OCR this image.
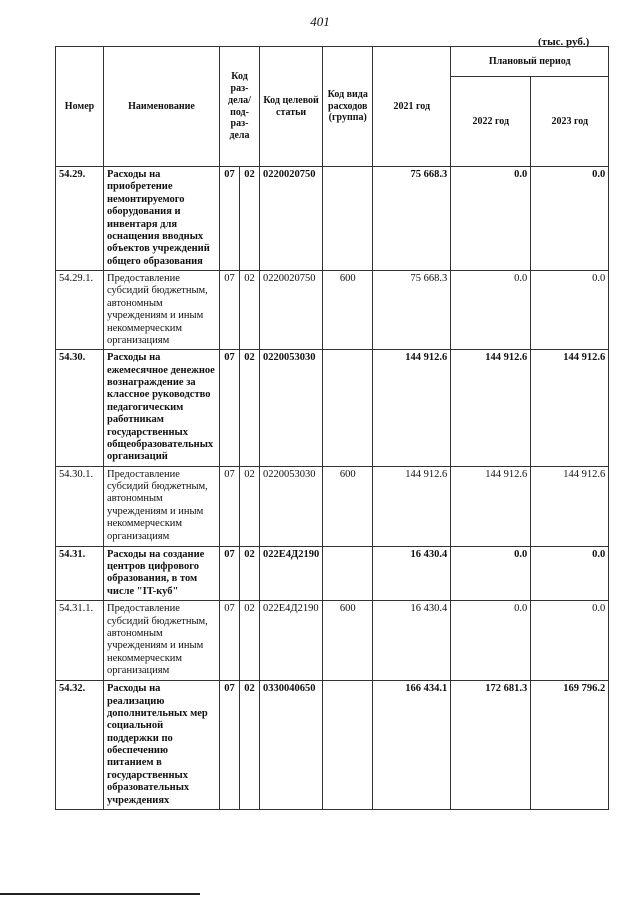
401
(тыс. руб.)
Номер	Наименование	Код раз-дела/ под-раз-дела		Код целевой статьи	Код вида расходов (группа)	2021 год	Плановый период	
							2022 год	2023 год
54.29.	Расходы на приобретение немонтируемого оборудования и инвентаря для оснащения вводных объектов учреждений общего образования	07	02	0220020750		75 668.3	0.0	0.0
54.29.1.	Предоставление субсидий бюджетным, автономным учреждениям и иным некоммерческим организациям	07	02	0220020750	600	75 668.3	0.0	0.0
54.30.	Расходы на ежемесячное денежное вознаграждение за классное руководство педагогическим работникам государственных общеобразовательных организаций	07	02	0220053030		144 912.6	144 912.6	144 912.6
54.30.1.	Предоставление субсидий бюджетным, автономным учреждениям и иным некоммерческим организациям	07	02	0220053030	600	144 912.6	144 912.6	144 912.6
54.31.	Расходы на создание центров цифрового образования, в том числе "IT-куб"	07	02	022Е4Д2190		16 430.4	0.0	0.0
54.31.1.	Предоставление субсидий бюджетным, автономным учреждениям и иным некоммерческим организациям	07	02	022Е4Д2190	600	16 430.4	0.0	0.0
54.32.	Расходы на реализацию дополнительных мер социальной поддержки по обеспечению питанием в государственных образовательных учреждениях	07	02	0330040650		166 434.1	172 681.3	169 796.2
